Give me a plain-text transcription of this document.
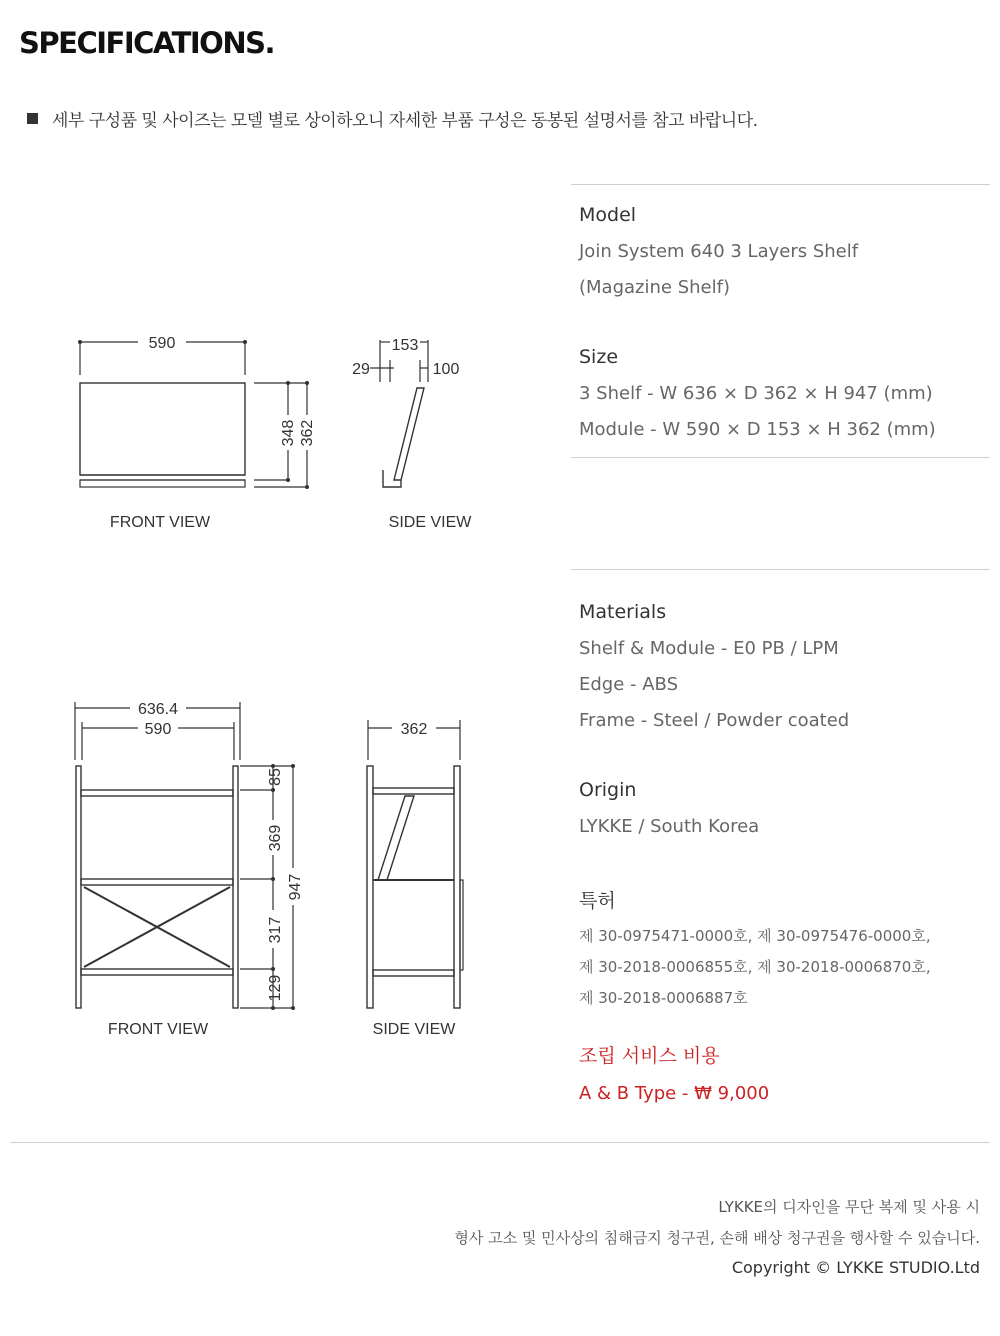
SPECIFICATIONS.
세부 구성품 및 사이즈는 모델 별로 상이하오니 자세한 부품 구성은 동봉된 설명서를 참고 바랍니다.
590
348 362
153
29	100
FRONT VIEW	SIDE VIEW
636.4
590
85
369
317
129
947
362
FRONT VIEW	SIDE VIEW
Model
Join System 640 3 Layers Shelf
(Magazine Shelf)
Size
3 Shelf - W 636 × D 362 × H 947 (mm)
Module - W 590 × D 153 × H 362 (mm)
Materials
Shelf & Module - E0 PB / LPM
Edge - ABS
Frame - Steel / Powder coated
Origin
LYKKE / South Korea
특허
제 30-0975471-0000호, 제 30-0975476-0000호,
제 30-2018-0006855호, 제 30-2018-0006870호,
제 30-2018-0006887호
조립 서비스 비용
A & B Type - ₩ 9,000
LYKKE의 디자인을 무단 복제 및 사용 시
형사 고소 및 민사상의 침해금지 청구권, 손해 배상 청구권을 행사할 수 있습니다.
Copyright © LYKKE STUDIO.Ltd
